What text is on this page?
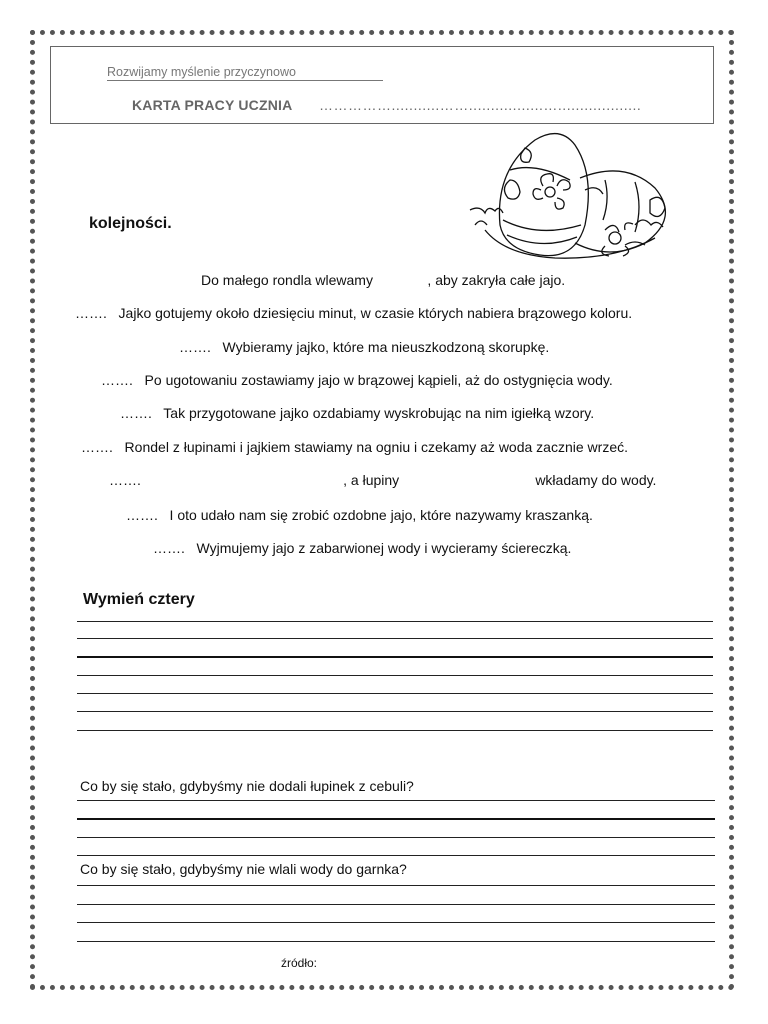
Rozwijamy myślenie przyczynowo
KARTA PRACY UCZNIA ……………...........…….................…...................
kolejności.
Do małego rondla wlewamy              , aby zakryła całe jajo.
…….   Jajko gotujemy około dziesięciu minut, w czasie których nabiera brązowego koloru.
…….   Wybieramy jajko, które ma nieuszkodzoną skorupkę.
…….   Po ugotowaniu zostawiamy jajo w brązowej kąpieli, aż do ostygnięcia wody.
…….   Tak przygotowane jajko ozdabiamy wyskrobując na nim igiełką wzory.
…….   Rondel z łupinami i jajkiem stawiamy na ogniu i czekamy aż woda zacznie wrzeć.
…….                                                    , a łupiny                                   wkładamy do wody.
…….   I oto udało nam się zrobić ozdobne jajo, które nazywamy kraszanką.
…….   Wyjmujemy jajo z zabarwionej wody i wycieramy ściereczką.
Wymień cztery
Co by się stało, gdybyśmy nie dodali łupinek z cebuli?
Co by się stało, gdybyśmy nie wlali wody do garnka?
źródło:
